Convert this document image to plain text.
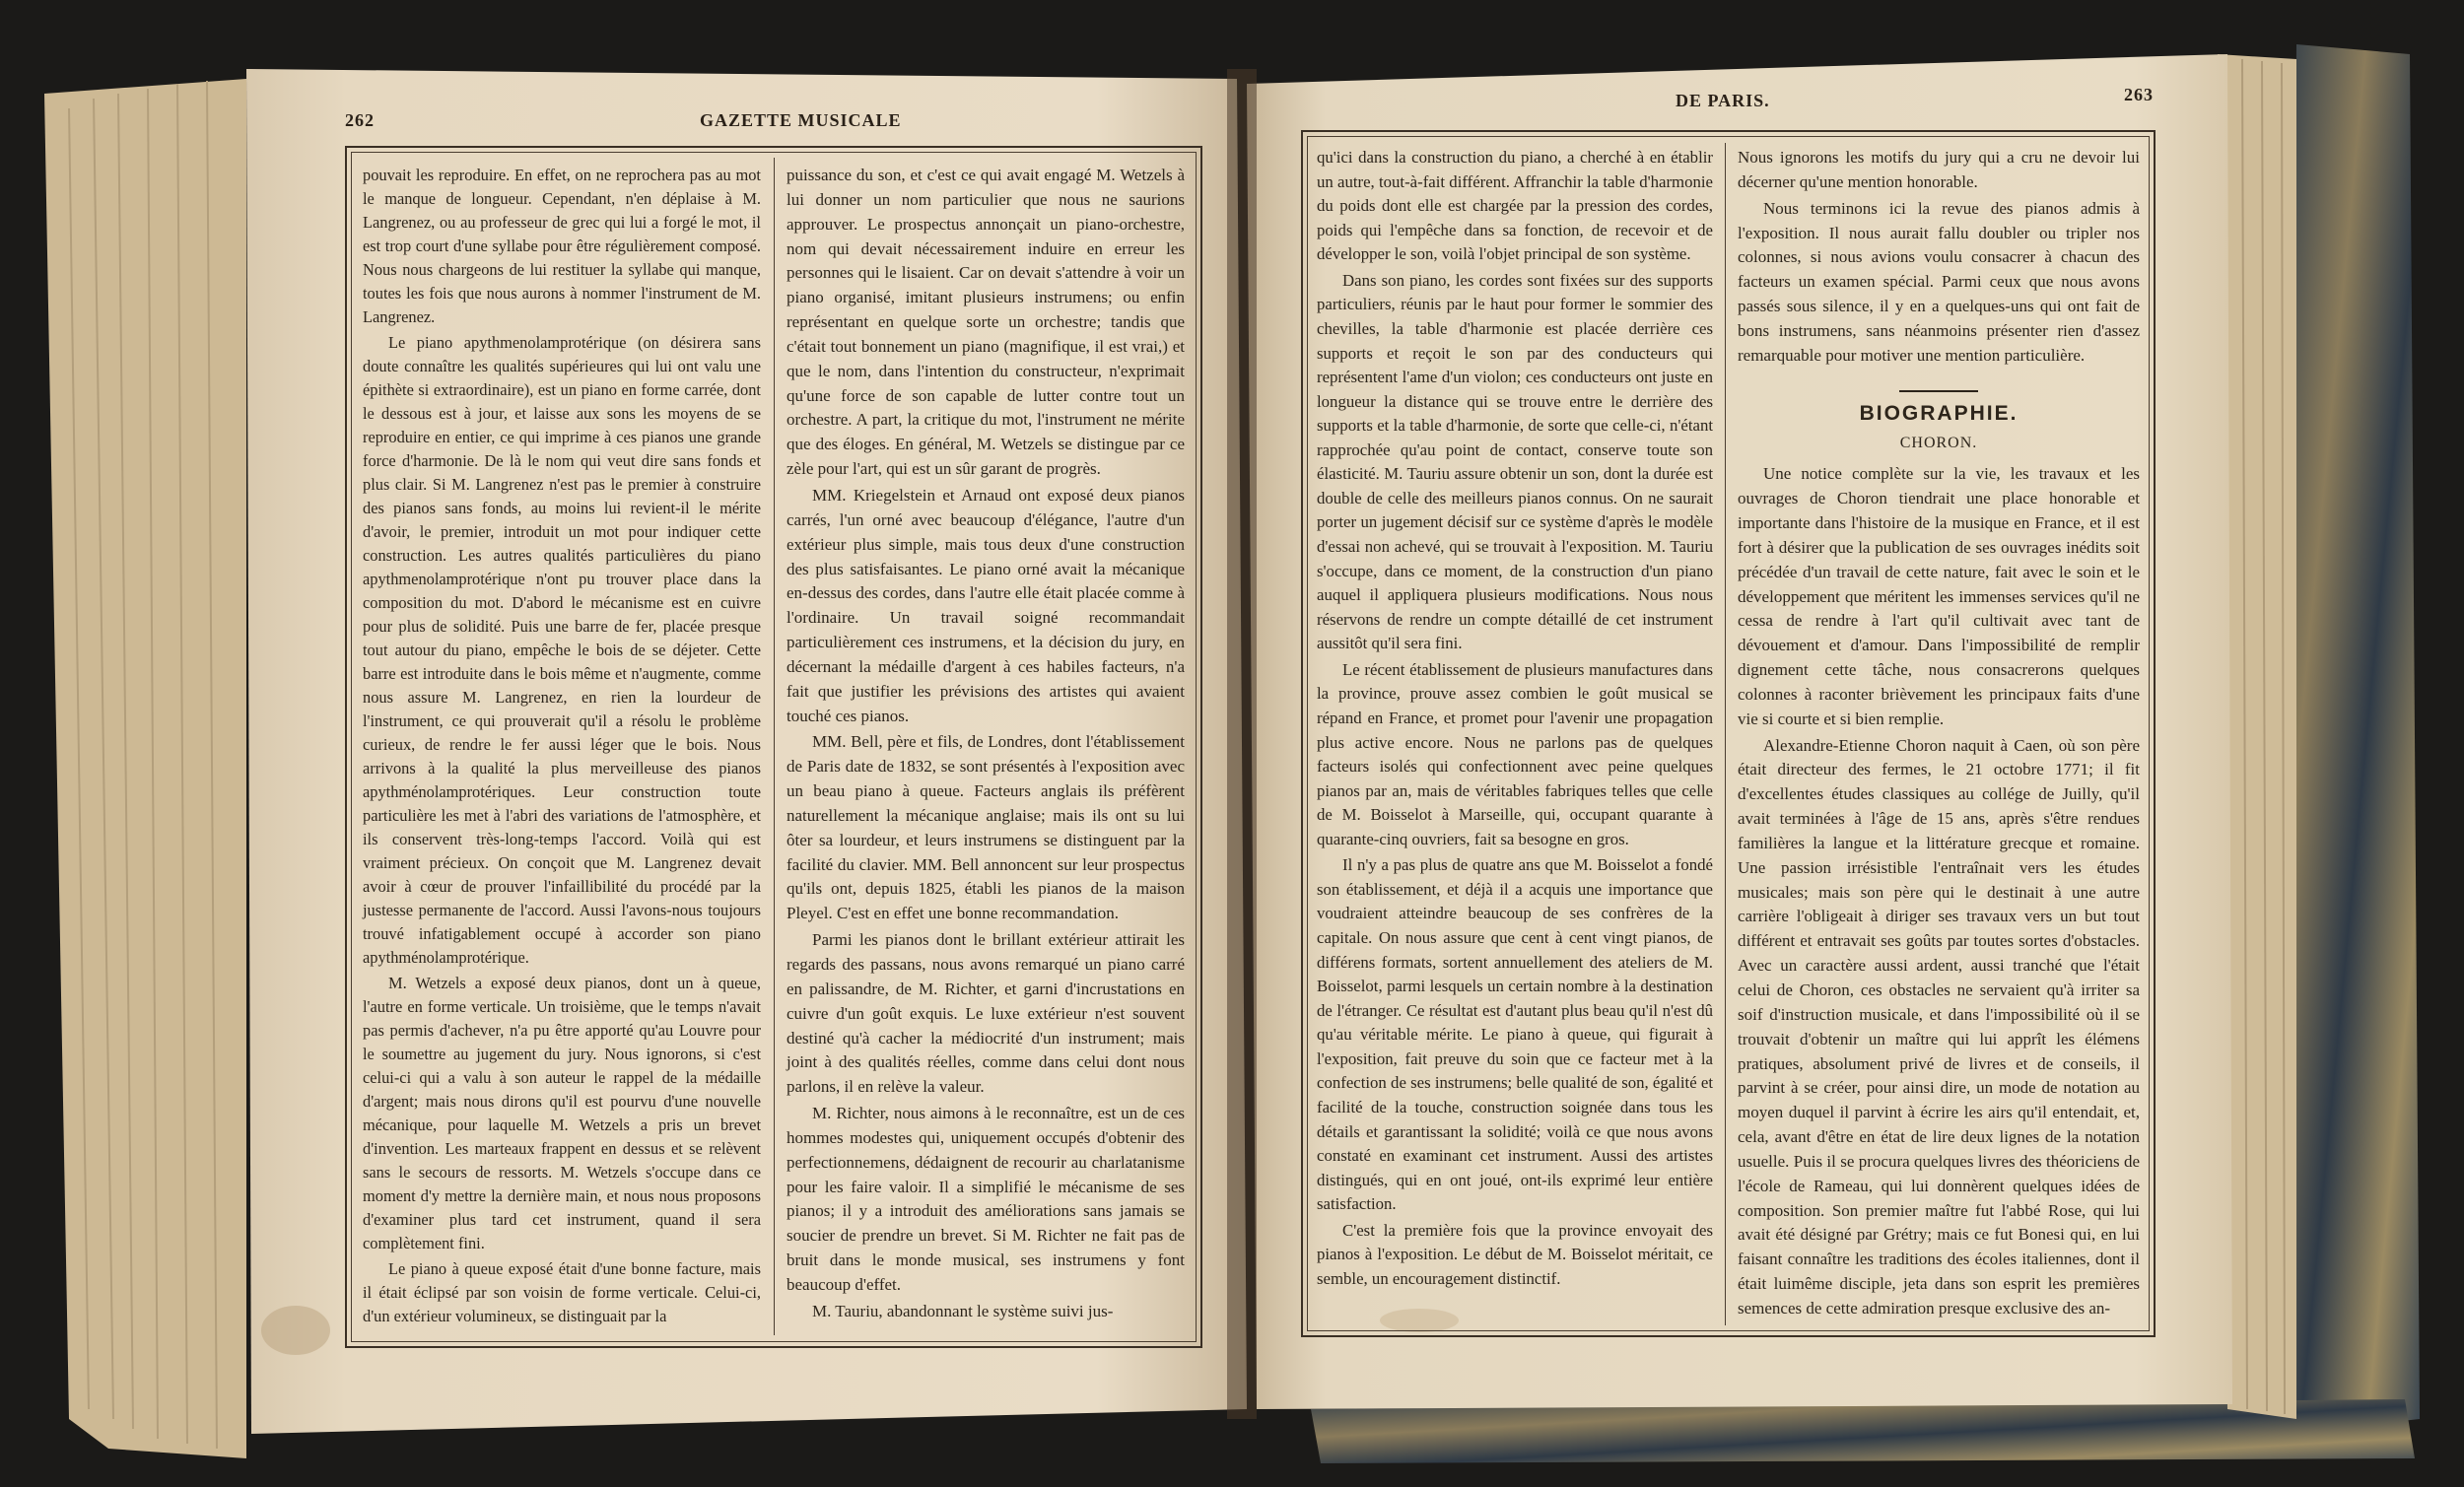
262	GAZETTE MUSICALE

pouvait les reproduire. En effet, on ne reprochera pas au mot le manque de longueur. Cependant, n'en déplaise à M. Langrenez, ou au professeur de grec qui lui a forgé le mot, il est trop court d'une syllabe pour être régulièrement composé. Nous nous chargeons de lui restituer la syllabe qui manque, toutes les fois que nous aurons à nommer l'instrument de M. Langrenez.

Le piano apythmenolamprotérique (on désirera sans doute connaître les qualités supérieures qui lui ont valu une épithète si extraordinaire), est un piano en forme carrée, dont le dessous est à jour, et laisse aux sons les moyens de se reproduire en entier, ce qui imprime à ces pianos une grande force d'harmonie. De là le nom qui veut dire sans fonds et plus clair. Si M. Langrenez n'est pas le premier à construire des pianos sans fonds, au moins lui revient-il le mérite d'avoir, le premier, introduit un mot pour indiquer cette construction. Les autres qualités particulières du piano apythmenolamprotérique n'ont pu trouver place dans la composition du mot. D'abord le mécanisme est en cuivre pour plus de solidité. Puis une barre de fer, placée presque tout autour du piano, empêche le bois de se déjeter. Cette barre est introduite dans le bois même et n'augmente, comme nous assure M. Langrenez, en rien la lourdeur de l'instrument, ce qui prouverait qu'il a résolu le problème curieux, de rendre le fer aussi léger que le bois. Nous arrivons à la qualité la plus merveilleuse des pianos apythménolamprotériques. Leur construction toute particulière les met à l'abri des variations de l'atmosphère, et ils conservent très-long-temps l'accord. Voilà qui est vraiment précieux. On conçoit que M. Langrenez devait avoir à cœur de prouver l'infaillibilité du procédé par la justesse permanente de l'accord. Aussi l'avons-nous toujours trouvé infatigablement occupé à accorder son piano apythménolamprotérique.

M. Wetzels a exposé deux pianos, dont un à queue, l'autre en forme verticale. Un troisième, que le temps n'avait pas permis d'achever, n'a pu être apporté qu'au Louvre pour le soumettre au jugement du jury. Nous ignorons, si c'est celui-ci qui a valu à son auteur le rappel de la médaille d'argent; mais nous dirons qu'il est pourvu d'une nouvelle mécanique, pour laquelle M. Wetzels a pris un brevet d'invention. Les marteaux frappent en dessus et se relèvent sans le secours de ressorts. M. Wetzels s'occupe dans ce moment d'y mettre la dernière main, et nous nous proposons d'examiner plus tard cet instrument, quand il sera complètement fini.

Le piano à queue exposé était d'une bonne facture, mais il était éclipsé par son voisin de forme verticale. Celui-ci, d'un extérieur volumineux, se distinguait par la

puissance du son, et c'est ce qui avait engagé M. Wetzels à lui donner un nom particulier que nous ne saurions approuver. Le prospectus annonçait un piano-orchestre, nom qui devait nécessairement induire en erreur les personnes qui le lisaient. Car on devait s'attendre à voir un piano organisé, imitant plusieurs instrumens; ou enfin représentant en quelque sorte un orchestre; tandis que c'était tout bonnement un piano (magnifique, il est vrai,) et que le nom, dans l'intention du constructeur, n'exprimait qu'une force de son capable de lutter contre tout un orchestre. A part, la critique du mot, l'instrument ne mérite que des éloges. En général, M. Wetzels se distingue par ce zèle pour l'art, qui est un sûr garant de progrès.

MM. Kriegelstein et Arnaud ont exposé deux pianos carrés, l'un orné avec beaucoup d'élégance, l'autre d'un extérieur plus simple, mais tous deux d'une construction des plus satisfaisantes. Le piano orné avait la mécanique en-dessus des cordes, dans l'autre elle était placée comme à l'ordinaire. Un travail soigné recommandait particulièrement ces instrumens, et la décision du jury, en décernant la médaille d'argent à ces habiles facteurs, n'a fait que justifier les prévisions des artistes qui avaient touché ces pianos.

MM. Bell, père et fils, de Londres, dont l'établissement de Paris date de 1832, se sont présentés à l'exposition avec un beau piano à queue. Facteurs anglais ils préfèrent naturellement la mécanique anglaise; mais ils ont su lui ôter sa lourdeur, et leurs instrumens se distinguent par la facilité du clavier. MM. Bell annoncent sur leur prospectus qu'ils ont, depuis 1825, établi les pianos de la maison Pleyel. C'est en effet une bonne recommandation.

Parmi les pianos dont le brillant extérieur attirait les regards des passans, nous avons remarqué un piano carré en palissandre, de M. Richter, et garni d'incrustations en cuivre d'un goût exquis. Le luxe extérieur n'est souvent destiné qu'à cacher la médiocrité d'un instrument; mais joint à des qualités réelles, comme dans celui dont nous parlons, il en relève la valeur.

M. Richter, nous aimons à le reconnaître, est un de ces hommes modestes qui, uniquement occupés d'obtenir des perfectionnemens, dédaignent de recourir au charlatanisme pour les faire valoir. Il a simplifié le mécanisme de ses pianos; il y a introduit des améliorations sans jamais se soucier de prendre un brevet. Si M. Richter ne fait pas de bruit dans le monde musical, ses instrumens y font beaucoup d'effet.

M. Tauriu, abandonnant le système suivi jus-

DE PARIS.	263

qu'ici dans la construction du piano, a cherché à en établir un autre, tout-à-fait différent. Affranchir la table d'harmonie du poids dont elle est chargée par la pression des cordes, poids qui l'empêche dans sa fonction, de recevoir et de développer le son, voilà l'objet principal de son système.

Dans son piano, les cordes sont fixées sur des supports particuliers, réunis par le haut pour former le sommier des chevilles, la table d'harmonie est placée derrière ces supports et reçoit le son par des conducteurs qui représentent l'ame d'un violon; ces conducteurs ont juste en longueur la distance qui se trouve entre le derrière des supports et la table d'harmonie, de sorte que celle-ci, n'étant rapprochée qu'au point de contact, conserve toute son élasticité. M. Tauriu assure obtenir un son, dont la durée est double de celle des meilleurs pianos connus. On ne saurait porter un jugement décisif sur ce système d'après le modèle d'essai non achevé, qui se trouvait à l'exposition. M. Tauriu s'occupe, dans ce moment, de la construction d'un piano auquel il appliquera plusieurs modifications. Nous nous réservons de rendre un compte détaillé de cet instrument aussitôt qu'il sera fini.

Le récent établissement de plusieurs manufactures dans la province, prouve assez combien le goût musical se répand en France, et promet pour l'avenir une propagation plus active encore. Nous ne parlons pas de quelques facteurs isolés qui confectionnent avec peine quelques pianos par an, mais de véritables fabriques telles que celle de M. Boisselot à Marseille, qui, occupant quarante à quarante-cinq ouvriers, fait sa besogne en gros.

Il n'y a pas plus de quatre ans que M. Boisselot a fondé son établissement, et déjà il a acquis une importance que voudraient atteindre beaucoup de ses confrères de la capitale. On nous assure que cent à cent vingt pianos, de différens formats, sortent annuellement des ateliers de M. Boisselot, parmi lesquels un certain nombre à la destination de l'étranger. Ce résultat est d'autant plus beau qu'il n'est dû qu'au véritable mérite. Le piano à queue, qui figurait à l'exposition, fait preuve du soin que ce facteur met à la confection de ses instrumens; belle qualité de son, égalité et facilité de la touche, construction soignée dans tous les détails et garantissant la solidité; voilà ce que nous avons constaté en examinant cet instrument. Aussi des artistes distingués, qui en ont joué, ont-ils exprimé leur entière satisfaction.

C'est la première fois que la province envoyait des pianos à l'exposition. Le début de M. Boisselot méritait, ce semble, un encouragement distinctif.

Nous ignorons les motifs du jury qui a cru ne devoir lui décerner qu'une mention honorable.

Nous terminons ici la revue des pianos admis à l'exposition. Il nous aurait fallu doubler ou tripler nos colonnes, si nous avions voulu consacrer à chacun des facteurs un examen spécial. Parmi ceux que nous avons passés sous silence, il y en a quelques-uns qui ont fait de bons instrumens, sans néanmoins présenter rien d'assez remarquable pour motiver une mention particulière.

BIOGRAPHIE.
CHORON.

Une notice complète sur la vie, les travaux et les ouvrages de Choron tiendrait une place honorable et importante dans l'histoire de la musique en France, et il est fort à désirer que la publication de ses ouvrages inédits soit précédée d'un travail de cette nature, fait avec le soin et le développement que méritent les immenses services qu'il ne cessa de rendre à l'art qu'il cultivait avec tant de dévouement et d'amour. Dans l'impossibilité de remplir dignement cette tâche, nous consacrerons quelques colonnes à raconter brièvement les principaux faits d'une vie si courte et si bien remplie.

Alexandre-Etienne Choron naquit à Caen, où son père était directeur des fermes, le 21 octobre 1771; il fit d'excellentes études classiques au collége de Juilly, qu'il avait terminées à l'âge de 15 ans, après s'être rendues familières la langue et la littérature grecque et romaine. Une passion irrésistible l'entraînait vers les études musicales; mais son père qui le destinait à une autre carrière l'obligeait à diriger ses travaux vers un but tout différent et entravait ses goûts par toutes sortes d'obstacles. Avec un caractère aussi ardent, aussi tranché que l'était celui de Choron, ces obstacles ne servaient qu'à irriter sa soif d'instruction musicale, et dans l'impossibilité où il se trouvait d'obtenir un maître qui lui apprît les élémens pratiques, absolument privé de livres et de conseils, il parvint à se créer, pour ainsi dire, un mode de notation au moyen duquel il parvint à écrire les airs qu'il entendait, et, cela, avant d'être en état de lire deux lignes de la notation usuelle. Puis il se procura quelques livres des théoriciens de l'école de Rameau, qui lui donnèrent quelques idées de composition. Son premier maître fut l'abbé Rose, qui lui avait été désigné par Grétry; mais ce fut Bonesi qui, en lui faisant connaître les traditions des écoles italiennes, dont il était luimême disciple, jeta dans son esprit les premières semences de cette admiration presque exclusive des an-
